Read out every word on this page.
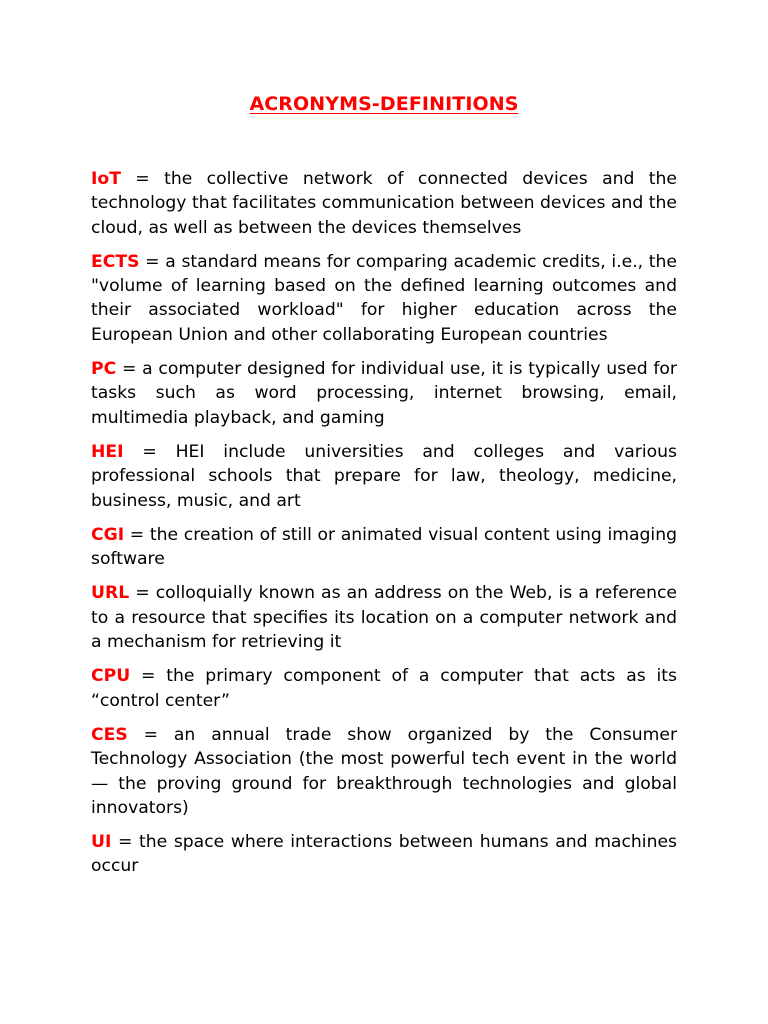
ACRONYMS-DEFINITIONS
IoT = the collective network of connected devices and the technology that facilitates communication between devices and the cloud, as well as between the devices themselves
ECTS = a standard means for comparing academic credits, i.e., the "volume of learning based on the defined learning outcomes and their associated workload" for higher education across the European Union and other collaborating European countries
PC = a computer designed for individual use, it is typically used for tasks such as word processing, internet browsing, email, multimedia playback, and gaming
HEI = HEI include universities and colleges and various professional schools that prepare for law, theology, medicine, business, music, and art
CGI = the creation of still or animated visual content using imaging software
URL = colloquially known as an address on the Web, is a reference to a resource that specifies its location on a computer network and a mechanism for retrieving it
CPU = the primary component of a computer that acts as its “control center”
CES = an annual trade show organized by the Consumer Technology Association (the most powerful tech event in the world — the proving ground for breakthrough technologies and global innovators)
UI = the space where interactions between humans and machines occur
